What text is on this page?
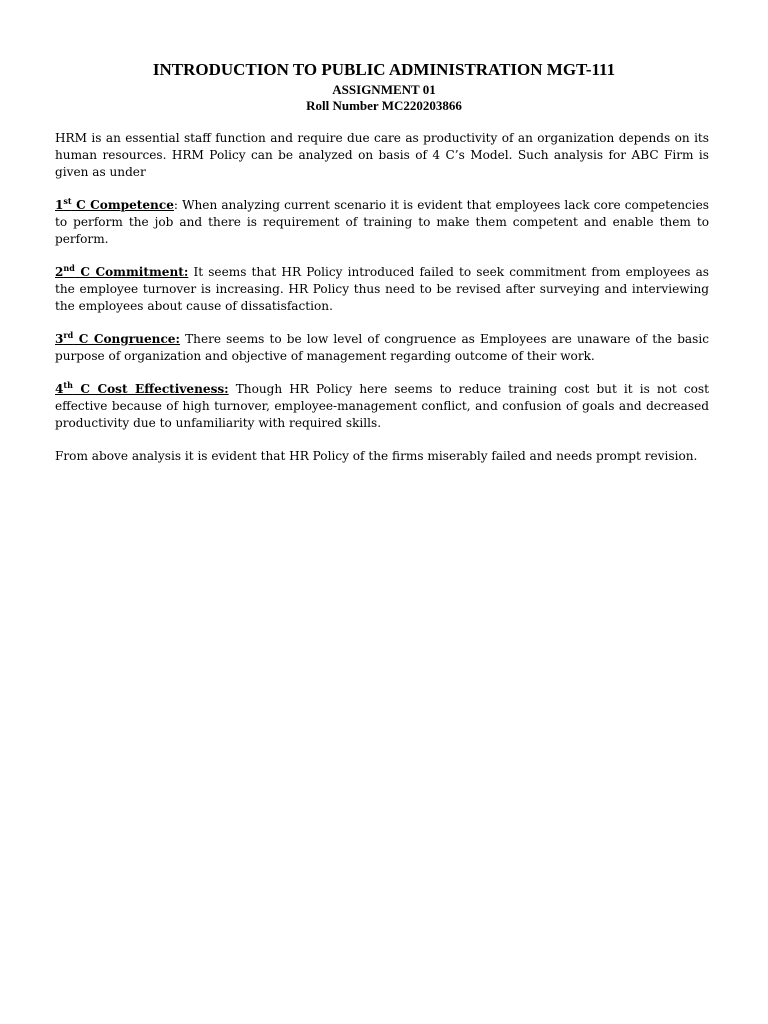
INTRODUCTION TO PUBLIC ADMINISTRATION MGT-111
ASSIGNMENT 01
Roll Number MC220203866

HRM is an essential staff function and require due care as productivity of an organization depends on its human resources. HRM Policy can be analyzed on basis of 4 C’s Model. Such analysis for ABC Firm is given as under

1st C Competence: When analyzing current scenario it is evident that employees lack core competencies to perform the job and there is requirement of training to make them competent and enable them to perform.

2nd C Commitment: It seems that HR Policy introduced failed to seek commitment from employees as the employee turnover is increasing. HR Policy thus need to be revised after surveying and interviewing the employees about cause of dissatisfaction.

3rd C Congruence: There seems to be low level of congruence as Employees are unaware of the basic purpose of organization and objective of management regarding outcome of their work.

4th C Cost Effectiveness: Though HR Policy here seems to reduce training cost but it is not cost effective because of high turnover, employee-management conflict, and confusion of goals and decreased productivity due to unfamiliarity with required skills.

From above analysis it is evident that HR Policy of the firms miserably failed and needs prompt revision.
